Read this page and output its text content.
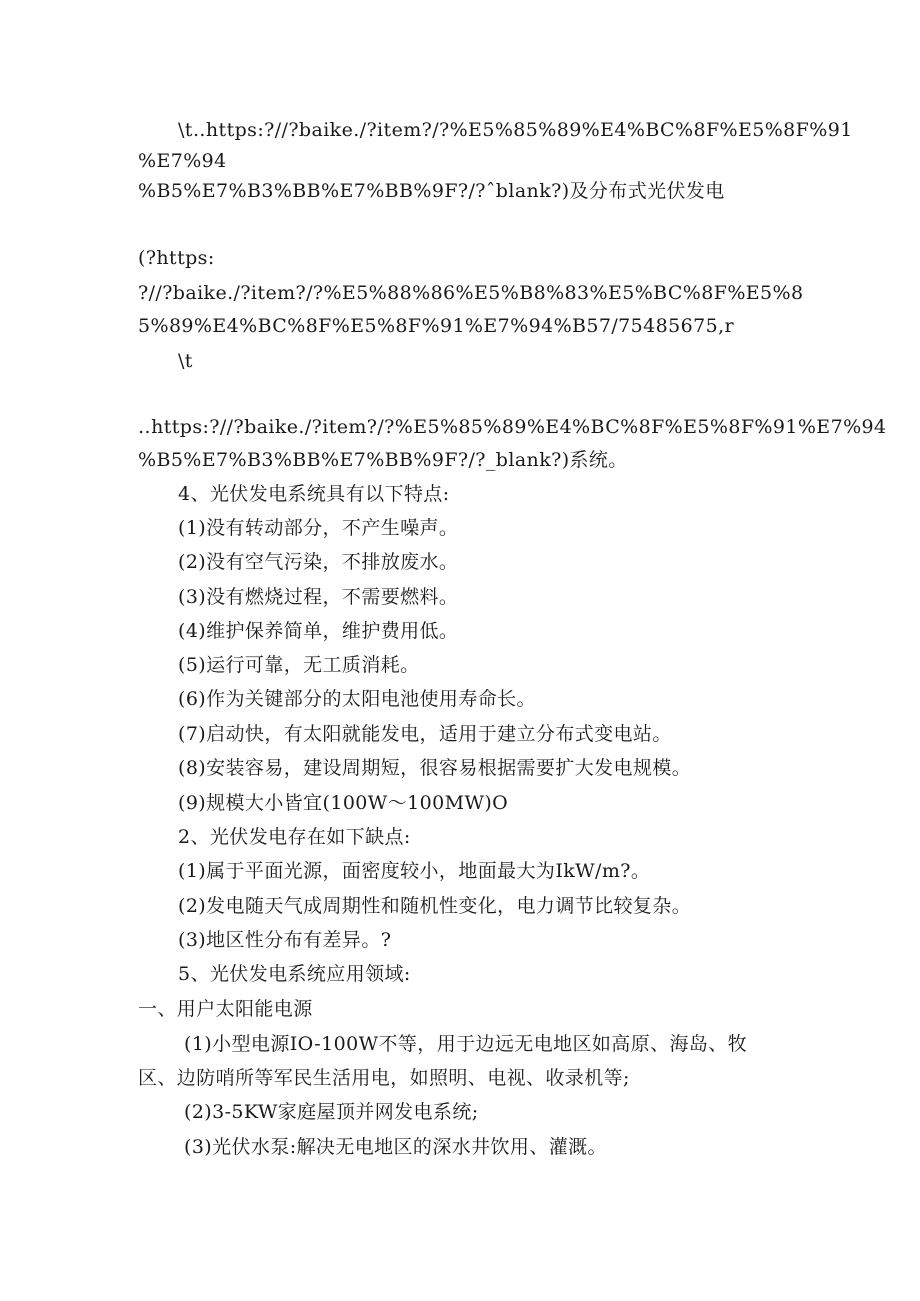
\t‥https:?//?baike./?item?/?%E5%85%89%E4%BC%8F%E5%8F%91
%E7%94
%B5%E7%B3%BB%E7%BB%9F?/?ˆblank?)及分布式光伏发电
(?https:
?//?baike./?item?/?%E5%88%86%E5%B8%83%E5%BC%8F%E5%8
5%89%E4%BC%8F%E5%8F%91%E7%94%B57/75485675,r
\t
‥https:?//?baike./?item?/?%E5%85%89%E4%BC%8F%E5%8F%91%E7%94
%B5%E7%B3%BB%E7%BB%9F?/?_blank?)系统。
4、光伏发电系统具有以下特点:
(1)没有转动部分，不产生噪声。
(2)没有空气污染，不排放废水。
(3)没有燃烧过程，不需要燃料。
(4)维护保养简单，维护费用低。
(5)运行可靠，无工质消耗。
(6)作为关键部分的太阳电池使用寿命长。
(7)启动快，有太阳就能发电，适用于建立分布式变电站。
(8)安装容易，建设周期短，很容易根据需要扩大发电规模。
(9)规模大小皆宜(100W～100MW)O
2、光伏发电存在如下缺点:
(1)属于平面光源，面密度较小，地面最大为IkW/m?。
(2)发电随天气成周期性和随机性变化，电力调节比较复杂。
(3)地区性分布有差异。?
5、光伏发电系统应用领域:
一、用户太阳能电源
(1)小型电源IO-100W不等，用于边远无电地区如高原、海岛、牧
区、边防哨所等军民生活用电，如照明、电视、收录机等;
(2)3-5KW家庭屋顶并网发电系统;
(3)光伏水泵:解决无电地区的深水井饮用、灌溉。
